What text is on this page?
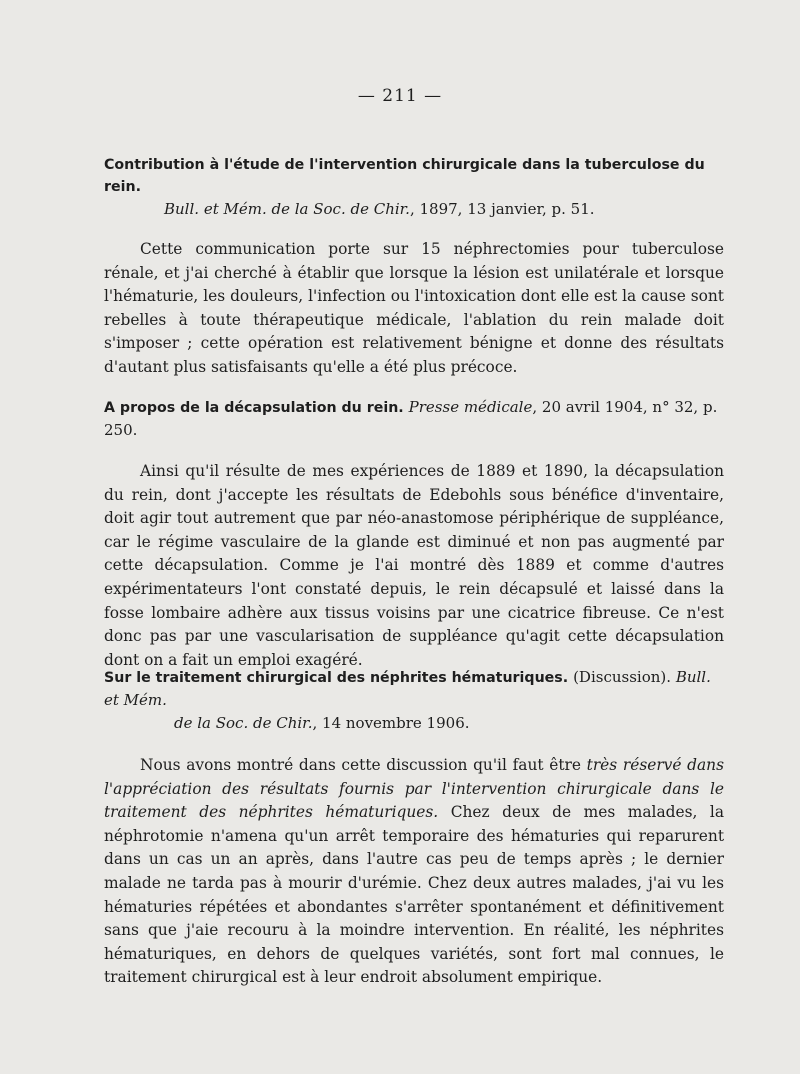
— 211 —
Contribution à l'étude de l'intervention chirurgicale dans la tuberculose du rein.
Bull. et Mém. de la Soc. de Chir., 1897, 13 janvier, p. 51.
Cette communication porte sur 15 néphrectomies pour tuberculose rénale, et j'ai cherché à établir que lorsque la lésion est unilatérale et lorsque l'hématurie, les douleurs, l'infection ou l'intoxication dont elle est la cause sont rebelles à toute thérapeutique médicale, l'ablation du rein malade doit s'imposer ; cette opération est relativement bénigne et donne des résultats d'autant plus satisfaisants qu'elle a été plus précoce.
A propos de la décapsulation du rein. Presse médicale, 20 avril 1904, n° 32, p. 250.
Ainsi qu'il résulte de mes expériences de 1889 et 1890, la décapsulation du rein, dont j'accepte les résultats de Edebohls sous bénéfice d'inventaire, doit agir tout autrement que par néo-anastomose périphérique de suppléance, car le régime vasculaire de la glande est diminué et non pas augmenté par cette décapsulation. Comme je l'ai montré dès 1889 et comme d'autres expérimentateurs l'ont constaté depuis, le rein décapsulé et laissé dans la fosse lombaire adhère aux tissus voisins par une cicatrice fibreuse. Ce n'est donc pas par une vascularisation de suppléance qu'agit cette décapsulation dont on a fait un emploi exagéré.
Sur le traitement chirurgical des néphrites hématuriques. (Discussion). Bull. et Mém.
de la Soc. de Chir., 14 novembre 1906.
Nous avons montré dans cette discussion qu'il faut être très réservé dans l'appréciation des résultats fournis par l'intervention chirurgicale dans le traitement des néphrites hématuriques. Chez deux de mes malades, la néphrotomie n'amena qu'un arrêt temporaire des hématuries qui reparurent dans un cas un an après, dans l'autre cas peu de temps après ; le dernier malade ne tarda pas à mourir d'urémie. Chez deux autres malades, j'ai vu les hématuries répétées et abondantes s'arrêter spontanément et définitivement sans que j'aie recouru à la moindre intervention. En réalité, les néphrites hématuriques, en dehors de quelques variétés, sont fort mal connues, le traitement chirurgical est à leur endroit absolument empirique.
